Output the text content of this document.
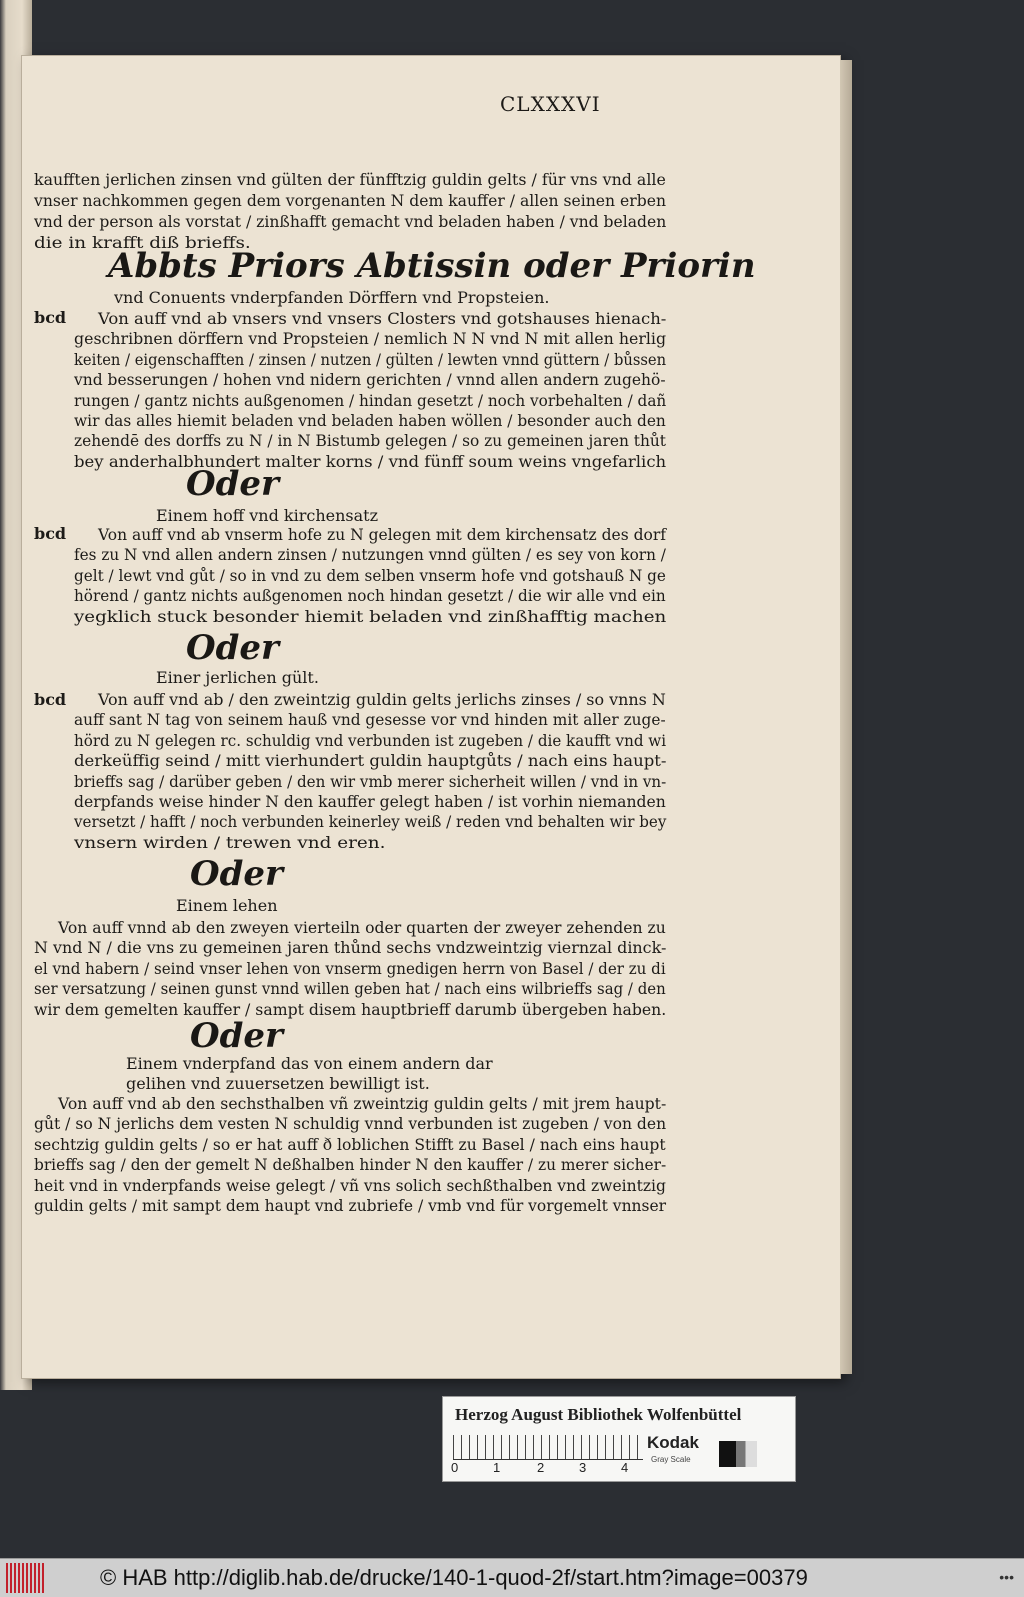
CLXXXVI
kaufften jerlichen zinsen vnd gülten der fünfftzig guldin gelts / für vns vnd alle
vnser nachkommen gegen dem vorgenanten N dem kauffer / allen seinen erben
vnd der person als vorstat / zinßhafft gemacht vnd beladen haben / vnd beladen
die in krafft diß brieffs.
Abbts Priors Abtissin oder Priorin
vnd Conuents vnderpfanden Dörffern vnd Propsteien.
bcd Von auff vnd ab vnsers vnd vnsers Closters vnd gotshauses hienach-
geschribnen dörffern vnd Propsteien / nemlich N N vnd N mit allen herlig
keiten / eigenschafften / zinsen / nutzen / gülten / lewten vnnd güttern / bůssen
vnd besserungen / hohen vnd nidern gerichten / vnnd allen andern zugehö-
rungen / gantz nichts außgenomen / hindan gesetzt / noch vorbehalten / dañ
wir das alles hiemit beladen vnd beladen haben wöllen / besonder auch den
zehendē des dorffs zu N / in N Bistumb gelegen / so zu gemeinen jaren thůt
bey anderhalbhundert malter korns / vnd fünff soum weins vngefarlich
Oder
Einem hoff vnd kirchensatz
bcd Von auff vnd ab vnserm hofe zu N gelegen mit dem kirchensatz des dorf
fes zu N vnd allen andern zinsen / nutzungen vnnd gülten / es sey von korn /
gelt / lewt vnd gůt / so in vnd zu dem selben vnserm hofe vnd gotshauß N ge
hörend / gantz nichts außgenomen noch hindan gesetzt / die wir alle vnd ein
yegklich stuck besonder hiemit beladen vnd zinßhafftig machen
Oder
Einer jerlichen gült.
bcd Von auff vnd ab / den zweintzig guldin gelts jerlichs zinses / so vnns N
auff sant N tag von seinem hauß vnd gesesse vor vnd hinden mit aller zuge-
hörd zu N gelegen rc. schuldig vnd verbunden ist zugeben / die kaufft vnd wi
derkeüffig seind / mitt vierhundert guldin hauptgůts / nach eins haupt-
brieffs sag / darüber geben / den wir vmb merer sicherheit willen / vnd in vn-
derpfands weise hinder N den kauffer gelegt haben / ist vorhin niemanden
versetzt / hafft / noch verbunden keinerley weiß / reden vnd behalten wir bey
vnsern wirden / trewen vnd eren.
Oder
Einem lehen
Von auff vnnd ab den zweyen vierteiln oder quarten der zweyer zehenden zu
N vnd N / die vns zu gemeinen jaren thůnd sechs vndzweintzig viernzal dinck-
el vnd habern / seind vnser lehen von vnserm gnedigen herrn von Basel / der zu di
ser versatzung / seinen gunst vnnd willen geben hat / nach eins wilbrieffs sag / den
wir dem gemelten kauffer / sampt disem hauptbrieff darumb übergeben haben.
Oder
Einem vnderpfand das von einem andern dar
gelihen vnd zuuersetzen bewilligt ist.
Von auff vnd ab den sechsthalben vñ zweintzig guldin gelts / mit jrem haupt-
gůt / so N jerlichs dem vesten N schuldig vnnd verbunden ist zugeben / von den
sechtzig guldin gelts / so er hat auff ð loblichen Stifft zu Basel / nach eins haupt
brieffs sag / den der gemelt N deßhalben hinder N den kauffer / zu merer sicher-
heit vnd in vnderpfands weise gelegt / vñ vns solich sechßthalben vnd zweintzig
guldin gelts / mit sampt dem haupt vnd zubriefe / vmb vnd für vorgemelt vnnser
Herzog August Bibliothek Wolfenbüttel
0	1	2	3	4
Kodak
Gray Scale
© HAB http://diglib.hab.de/drucke/140-1-quod-2f/start.htm?image=00379	•••
